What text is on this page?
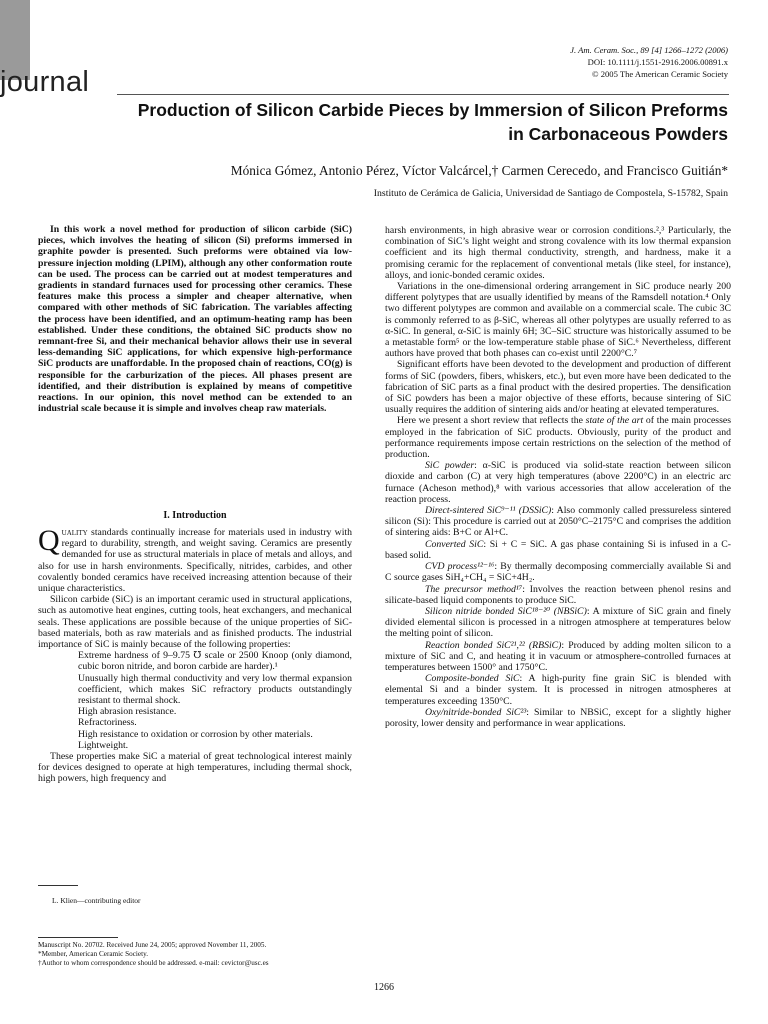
journal
J. Am. Ceram. Soc., 89 [4] 1266–1272 (2006)
DOI: 10.1111/j.1551-2916.2006.00891.x
© 2005 The American Ceramic Society
Production of Silicon Carbide Pieces by Immersion of Silicon Preforms
in Carbonaceous Powders
Mónica Gómez, Antonio Pérez, Víctor Valcárcel,† Carmen Cerecedo, and Francisco Guitián*
Instituto de Cerámica de Galicia, Universidad de Santiago de Compostela, S-15782, Spain

In this work a novel method for production of silicon carbide (SiC) pieces, which involves the heating of silicon (Si) preforms immersed in graphite powder is presented. Such preforms were obtained via low-pressure injection molding (LPIM), although any other conformation route can be used. The process can be carried out at modest temperatures and gradients in standard furnaces used for processing other ceramics. These features make this process a simpler and cheaper alternative, when compared with other methods of SiC fabrication. The variables affecting the process have been identified, and an optimum-heating ramp has been established. Under these conditions, the obtained SiC products show no remnant-free Si, and their mechanical behavior allows their use in several less-demanding SiC applications, for which expensive high-performance SiC products are unaffordable. In the proposed chain of reactions, CO(g) is responsible for the carburization of the pieces. All phases present are identified, and their distribution is explained by means of competitive reactions. In our opinion, this novel method can be extended to an industrial scale because it is simple and involves cheap raw materials.

I. Introduction

Quality standards continually increase for materials used in industry with regard to durability, strength, and weight saving. Ceramics are presently demanded for use as structural materials in place of metals and alloys, and also for use in harsh environments. Specifically, nitrides, carbides, and other covalently bonded ceramics have received increasing attention because of their unique characteristics.

Silicon carbide (SiC) is an important ceramic used in structural applications, such as automotive heat engines, cutting tools, heat exchangers, and mechanical seals. These applications are possible because of the unique properties of SiC-based materials, both as raw materials and as finished products. The industrial importance of SiC is mainly because of the following properties:

Extreme hardness of 9–9.75 ℧ scale or 2500 Knoop (only diamond, cubic boron nitride, and boron carbide are harder).¹

Unusually high thermal conductivity and very low thermal expansion coefficient, which makes SiC refractory products outstandingly resistant to thermal shock.

High abrasion resistance.

Refractoriness.

High resistance to oxidation or corrosion by other materials.

Lightweight.

These properties make SiC a material of great technological interest mainly for devices designed to operate at high temperatures, including thermal shock, high powers, high frequency and

L. Klien—contributing editor
Manuscript No. 20702. Received June 24, 2005; approved November 11, 2005.
*Member, American Ceramic Society.
†Author to whom correspondence should be addressed. e-mail: cevictor@usc.es

harsh environments, in high abrasive wear or corrosion conditions.²,³ Particularly, the combination of SiC’s light weight and strong covalence with its low thermal expansion coefficient and its high thermal conductivity, strength, and hardness, make it a promising ceramic for the replacement of conventional metals (like steel, for instance), alloys, and ionic-bonded ceramic oxides.

Variations in the one-dimensional ordering arrangement in SiC produce nearly 200 different polytypes that are usually identified by means of the Ramsdell notation.⁴ Only two different polytypes are common and available on a commercial scale. The cubic 3C is commonly referred to as β-SiC, whereas all other polytypes are usually referred to as α-SiC. In general, α-SiC is mainly 6H; 3C–SiC structure was historically assumed to be a metastable form⁵ or the low-temperature stable phase of SiC.⁶ Nevertheless, different authors have proved that both phases can co-exist until 2200°C.⁷

Significant efforts have been devoted to the development and production of different forms of SiC (powders, fibers, whiskers, etc.), but even more have been dedicated to the fabrication of SiC parts as a final product with the desired properties. The densification of SiC powders has been a major objective of these efforts, because sintering of SiC usually requires the addition of sintering aids and/or heating at elevated temperatures.

Here we present a short review that reflects the state of the art of the main processes employed in the fabrication of SiC products. Obviously, purity of the product and performance requirements impose certain restrictions on the selection of the method of production.

SiC powder: α-SiC is produced via solid-state reaction between silicon dioxide and carbon (C) at very high temperatures (above 2200°C) in an electric arc furnace (Acheson method),⁸ with various accessories that allow acceleration of the reaction process.

Direct-sintered SiC⁹⁻¹¹ (DSSiC): Also commonly called pressureless sintered silicon (Si): This procedure is carried out at 2050°C–2175°C and comprises the addition of sintering aids: B+C or Al+C.

Converted SiC: Si + C = SiC. A gas phase containing Si is infused in a C-based solid.

CVD process¹²⁻¹⁶: By thermally decomposing commercially available Si and C source gases SiH₄+CH₄ = SiC+4H₂.

The precursor method¹⁷: Involves the reaction between phenol resins and silicate-based liquid components to produce SiC.

Silicon nitride bonded SiC¹⁸⁻²⁰ (NBSiC): A mixture of SiC grain and finely divided elemental silicon is processed in a nitrogen atmosphere at temperatures below the melting point of silicon.

Reaction bonded SiC²¹,²² (RBSiC): Produced by adding molten silicon to a mixture of SiC and C, and heating it in vacuum or atmosphere-controlled furnaces at temperatures between 1500° and 1750°C.

Composite-bonded SiC: A high-purity fine grain SiC is blended with elemental Si and a binder system. It is processed in nitrogen atmospheres at temperatures exceeding 1350°C.

Oxy/nitride-bonded SiC²³: Similar to NBSiC, except for a slightly higher porosity, lower density and performance in wear applications.

1266
